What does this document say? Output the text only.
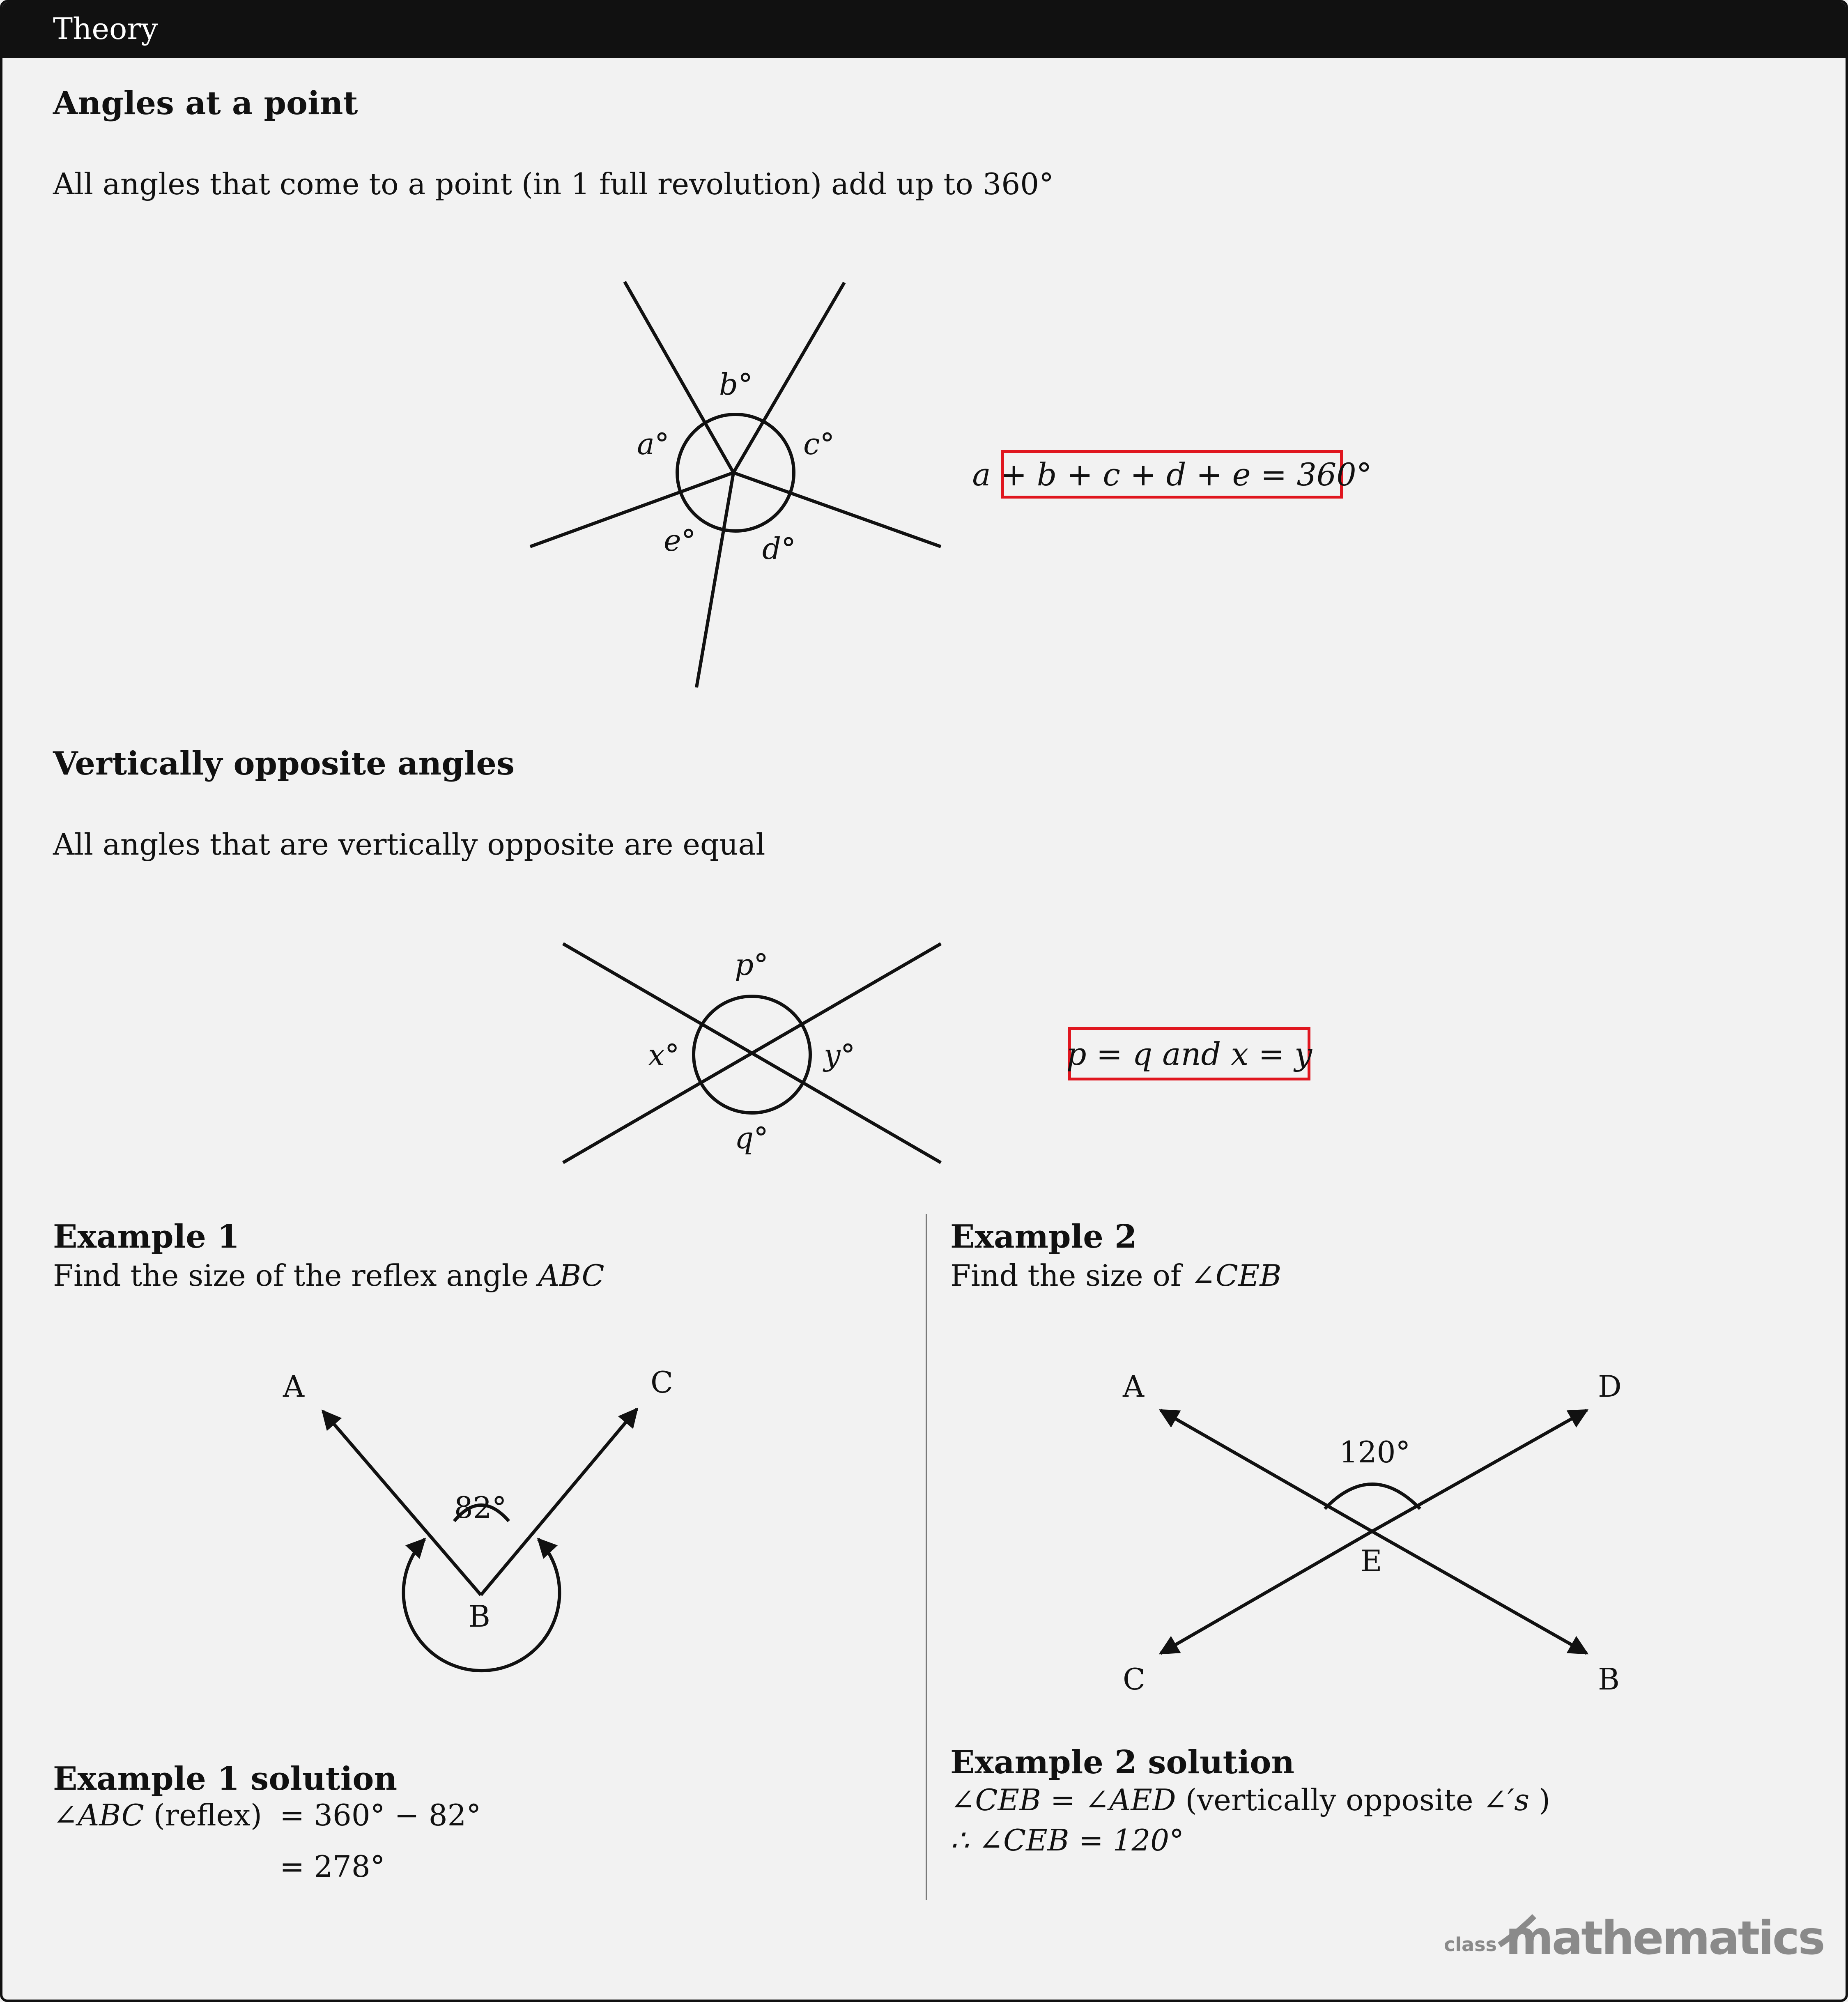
Theory
Angles at a point
All angles that come to a point (in 1 full revolution) add up to 360°
Vertically opposite angles
All angles that are vertically opposite are equal
a + b + c + d + e = 360°
p = q and x = y
Example 1
Find the size of the reflex angle ABC
Example 1 solution
∠ABC (reflex) = 360° − 82°
= 278°
Example 2
Find the size of ∠CEB
Example 2 solution
∠CEB = ∠AED (vertically opposite ∠′s )
∴ ∠CEB = 120°
a°
b°
c°
d°
e°
p°
q°
x°	y°
A
B
C
82°
A	D
C	B
E
120°
class mathematics
